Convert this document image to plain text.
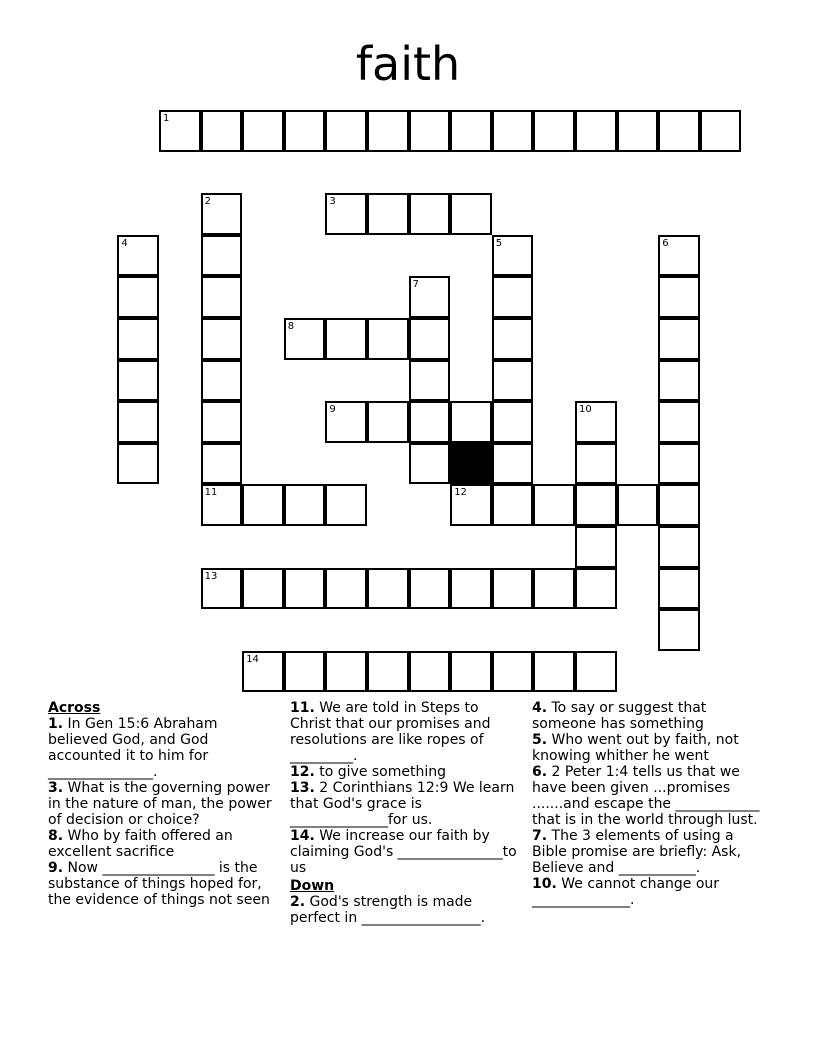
faith
1
2	3
4	5	6
7
8
9	10
11	12
13
14

Across

1. In Gen 15:6 Abraham believed God, and God accounted it to him for _______________.

3. What is the governing power in the nature of man, the power of decision or choice?

8. Who by faith offered an excellent sacrifice

9. Now ________________ is the substance of things hoped for, the evidence of things not seen

11. We are told in Steps to Christ that our promises and resolutions are like ropes of _________.

12. to give something

13. 2 Corinthians 12:9 We learn that God's grace is ______________for us.

14. We increase our faith by claiming God's _______________to us

Down

2. God's strength is made perfect in _________________.

4. To say or suggest that someone has something

5. Who went out by faith, not knowing whither he went

6. 2 Peter 1:4 tells us that we have been given ...promises .......and escape the ____________ that is in the world through lust.

7. The 3 elements of using a Bible promise are briefly: Ask, Believe and ___________.

10. We cannot change our ______________.
